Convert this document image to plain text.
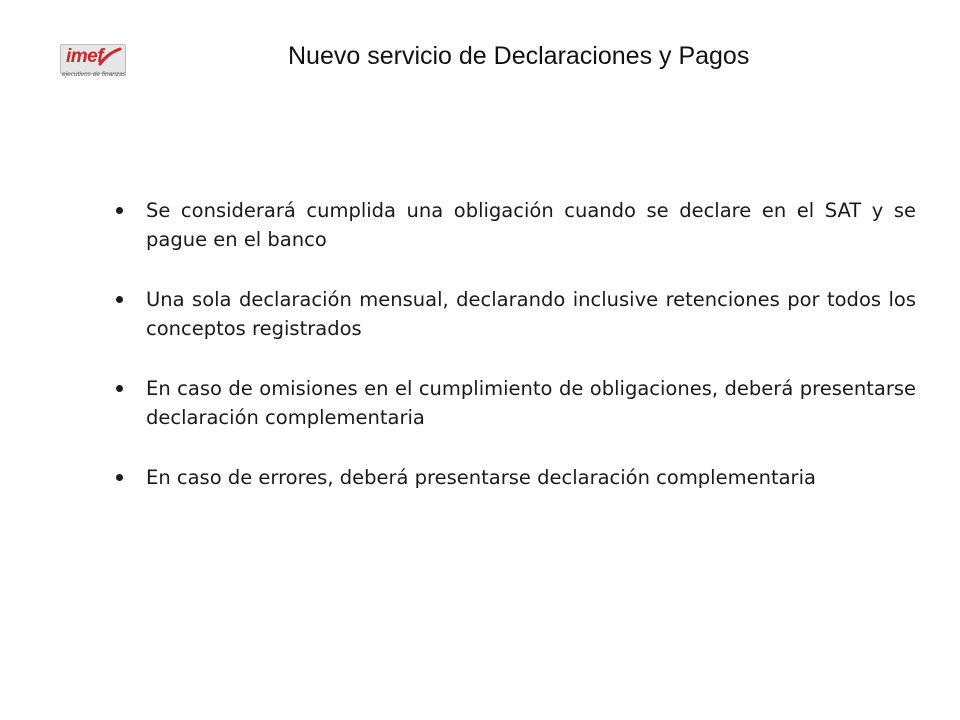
imef
ejecutivos de finanzas
Nuevo servicio de Declaraciones y Pagos
Se considerará cumplida una obligación cuando se declare en el SAT y se pague en el banco
Una sola declaración mensual, declarando inclusive retenciones por todos los conceptos registrados
En caso de omisiones en el cumplimiento de obligaciones, deberá presentarse declaración complementaria
En caso de errores, deberá presentarse declaración complementaria
